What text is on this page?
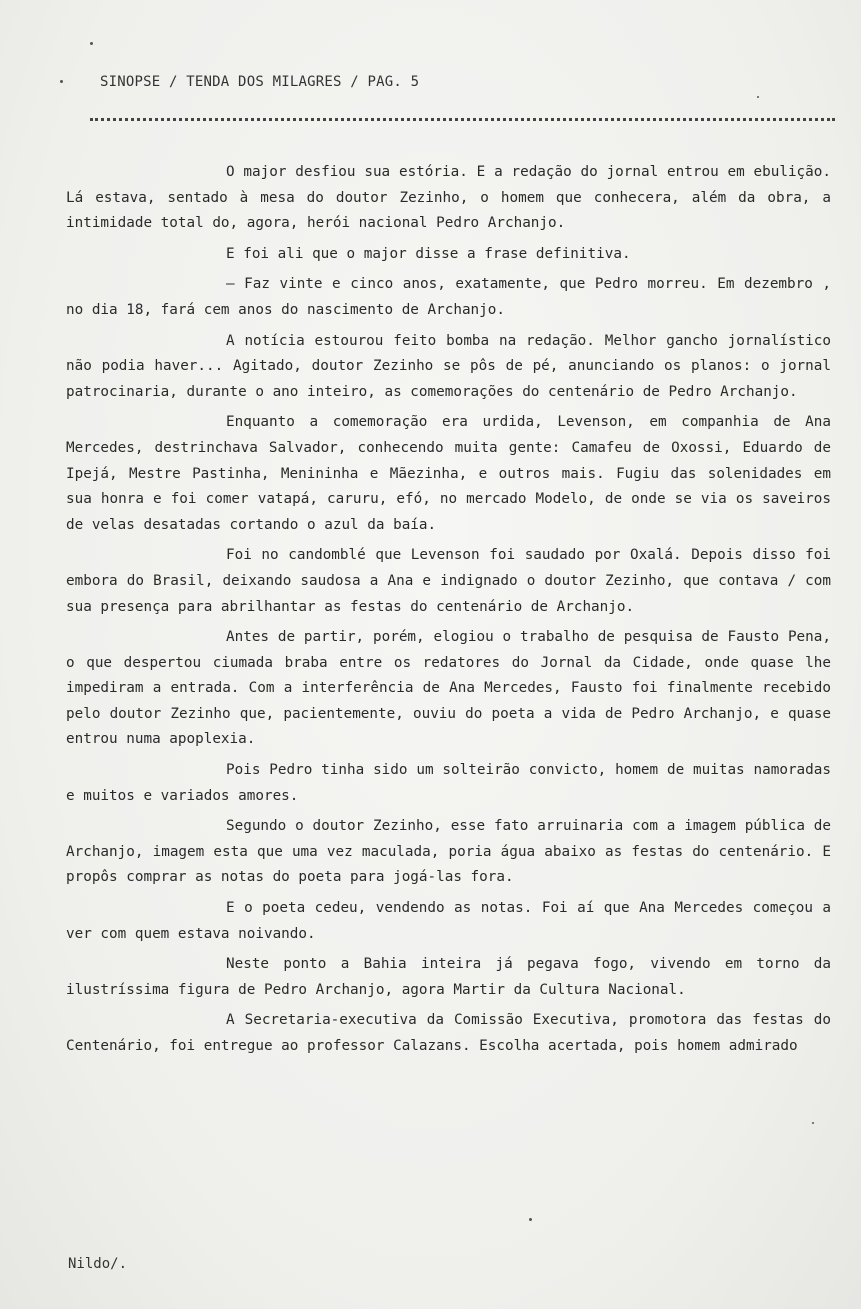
SINOPSE / TENDA DOS MILAGRES / PAG. 5

O major desfiou sua estória. E a redação do jornal entrou em ebulição. Lá estava, sentado à mesa do doutor Zezinho, o homem que conhecera, além da obra, a intimidade total do, agora, herói nacional Pedro Archanjo.

E foi ali que o major disse a frase definitiva.

– Faz vinte e cinco anos, exatamente, que Pedro morreu. Em dezembro , no dia 18, fará cem anos do nascimento de Archanjo.

A notícia estourou feito bomba na redação. Melhor gancho jornalístico não podia haver... Agitado, doutor Zezinho se pôs de pé, anunciando os planos: o jornal patrocinaria, durante o ano inteiro, as comemorações do centenário de Pedro Archanjo.

Enquanto a comemoração era urdida, Levenson, em companhia de Ana Mercedes, destrinchava Salvador, conhecendo muita gente: Camafeu de Oxossi, Eduardo de Ipejá, Mestre Pastinha, Menininha e Mãezinha, e outros mais. Fugiu das solenidades em sua honra e foi comer vatapá, caruru, efó, no mercado Modelo, de onde se via os saveiros de velas desatadas cortando o azul da baía.

Foi no candomblé que Levenson foi saudado por Oxalá. Depois disso foi embora do Brasil, deixando saudosa a Ana e indignado o doutor Zezinho, que contava / com sua presença para abrilhantar as festas do centenário de Archanjo.

Antes de partir, porém, elogiou o trabalho de pesquisa de Fausto Pena, o que despertou ciumada braba entre os redatores do Jornal da Cidade, onde quase lhe impediram a entrada. Com a interferência de Ana Mercedes, Fausto foi finalmente recebido pelo doutor Zezinho que, pacientemente, ouviu do poeta a vida de Pedro Archanjo, e quase entrou numa apoplexia.

Pois Pedro tinha sido um solteirão convicto, homem de muitas namoradas e muitos e variados amores.

Segundo o doutor Zezinho, esse fato arruinaria com a imagem pública de Archanjo, imagem esta que uma vez maculada, poria água abaixo as festas do centenário. E propôs comprar as notas do poeta para jogá-las fora.

E o poeta cedeu, vendendo as notas. Foi aí que Ana Mercedes começou a ver com quem estava noivando.

Neste ponto a Bahia inteira já pegava fogo, vivendo em torno da ilustríssima figura de Pedro Archanjo, agora Martir da Cultura Nacional.

A Secretaria-executiva da Comissão Executiva, promotora das festas do Centenário, foi entregue ao professor Calazans. Escolha acertada, pois homem admirado

Nildo/.
